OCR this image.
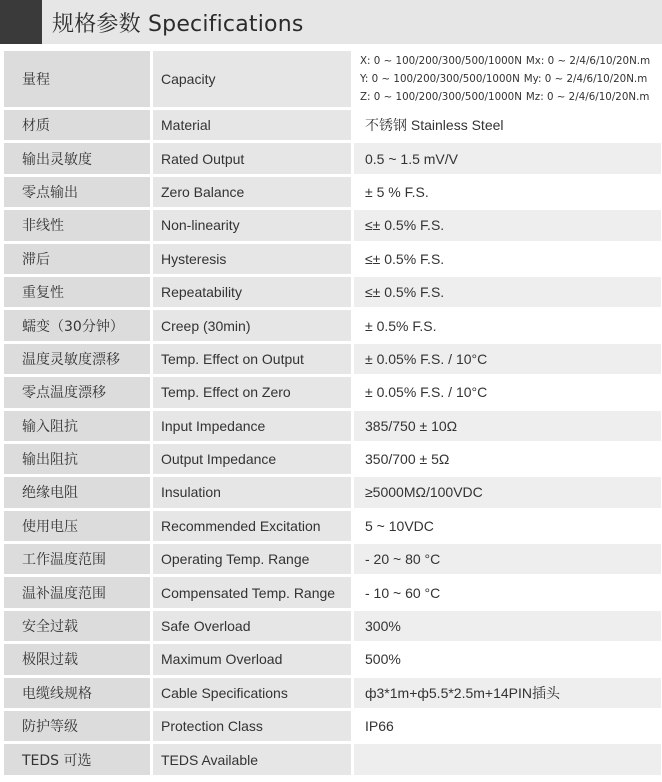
规格参数 Specifications
量程	Capacity	X: 0 ~ 100/200/300/500/1000N Mx: 0 ~ 2/4/6/10/20N.m
Y: 0 ~ 100/200/300/500/1000N My: 0 ~ 2/4/6/10/20N.m
Z: 0 ~ 100/200/300/500/1000N Mz: 0 ~ 2/4/6/10/20N.m

材质	Material	不锈钢 Stainless Steel
输出灵敏度	Rated Output	0.5 ~ 1.5 mV/V
零点输出	Zero Balance	± 5 % F.S.
非线性	Non-linearity	≤± 0.5% F.S.
滞后	Hysteresis	≤± 0.5% F.S.
重复性	Repeatability	≤± 0.5% F.S.
蠕变（30分钟）	Creep (30min)	± 0.5% F.S.
温度灵敏度漂移	Temp. Effect on Output	± 0.05% F.S. / 10°C
零点温度漂移	Temp. Effect on Zero	± 0.05% F.S. / 10°C
输入阻抗	Input Impedance	385/750 ± 10Ω
输出阻抗	Output Impedance	350/700 ± 5Ω
绝缘电阻	Insulation	≥5000MΩ/100VDC
使用电压	Recommended Excitation	5 ~ 10VDC
工作温度范围	Operating Temp. Range	- 20 ~ 80 °C
温补温度范围	Compensated Temp. Range	- 10 ~ 60 °C
安全过载	Safe Overload	300%
极限过载	Maximum Overload	500%
电缆线规格	Cable Specifications	ф3*1m+ф5.5*2.5m+14PIN插头
防护等级	Protection Class	IP66
TEDS 可选	TEDS Available	
